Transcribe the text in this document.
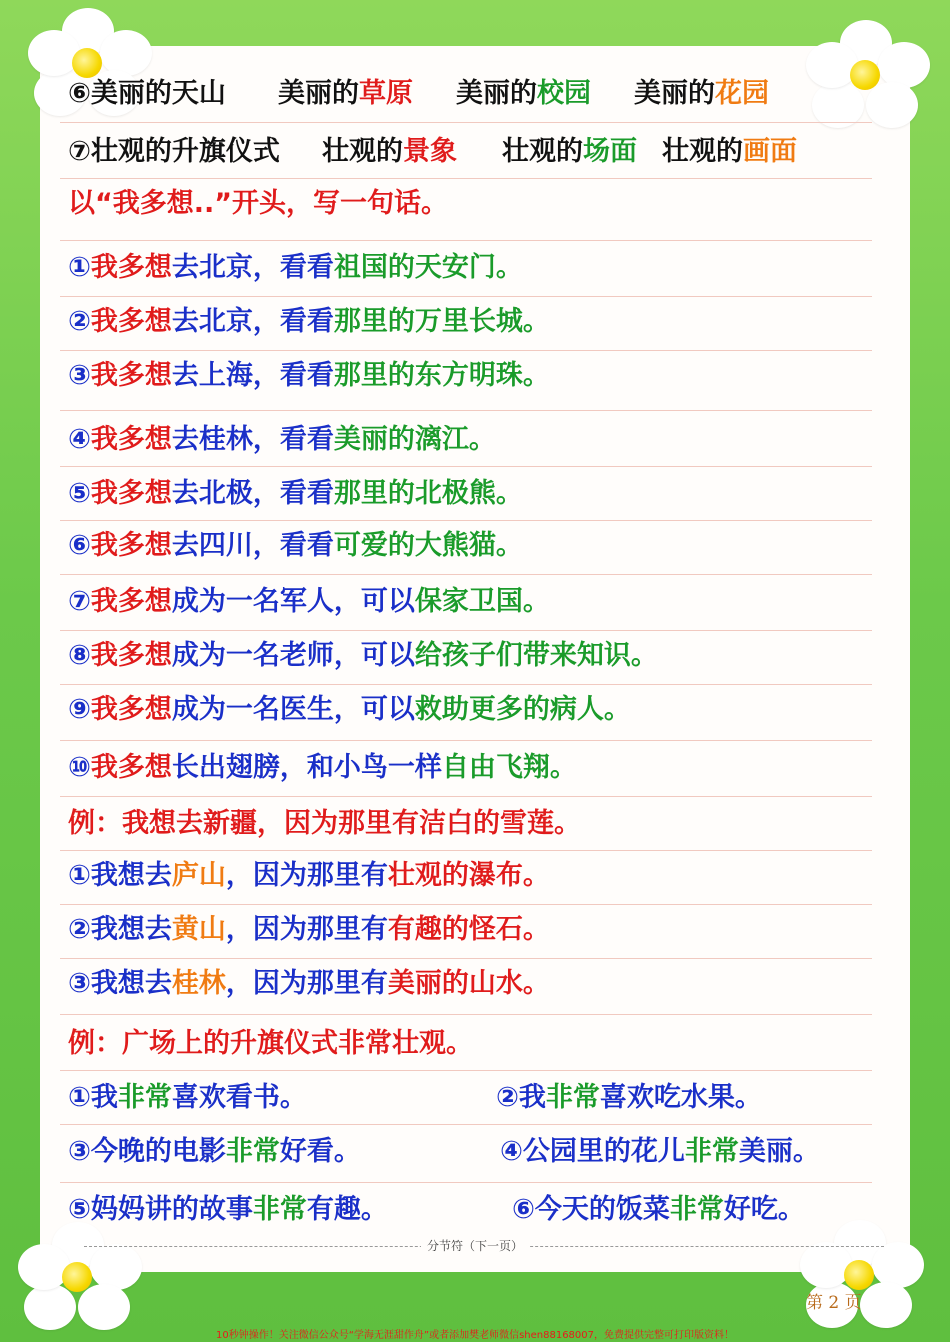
⑥美丽的天山 美丽的草原 美丽的校园 美丽的花园
⑦壮观的升旗仪式 壮观的景象 壮观的场面 壮观的画面
以“我多想..”开头，写一句话。
①我多想去北京，看看祖国的天安门。
②我多想去北京，看看那里的万里长城。
③我多想去上海，看看那里的东方明珠。
④我多想去桂林，看看美丽的漓江。
⑤我多想去北极，看看那里的北极熊。
⑥我多想去四川，看看可爱的大熊猫。
⑦我多想成为一名军人，可以保家卫国。
⑧我多想成为一名老师，可以给孩子们带来知识。
⑨我多想成为一名医生，可以救助更多的病人。
⑩我多想长出翅膀，和小鸟一样自由飞翔。
例：我想去新疆，因为那里有洁白的雪莲。
①我想去庐山，因为那里有壮观的瀑布。
②我想去黄山，因为那里有有趣的怪石。
③我想去桂林，因为那里有美丽的山水。
例：广场上的升旗仪式非常壮观。
①我非常喜欢看书。	②我非常喜欢吃水果。
③今晚的电影非常好看。	④公园里的花儿非常美丽。
⑤妈妈讲的故事非常有趣。	⑥今天的饭菜非常好吃。
分节符（下一页）
第 2 页
10秒钟操作！关注微信公众号“学海无涯甜作舟”或者添加樊老师微信shen88168007，免费提供完整可打印版资料！
